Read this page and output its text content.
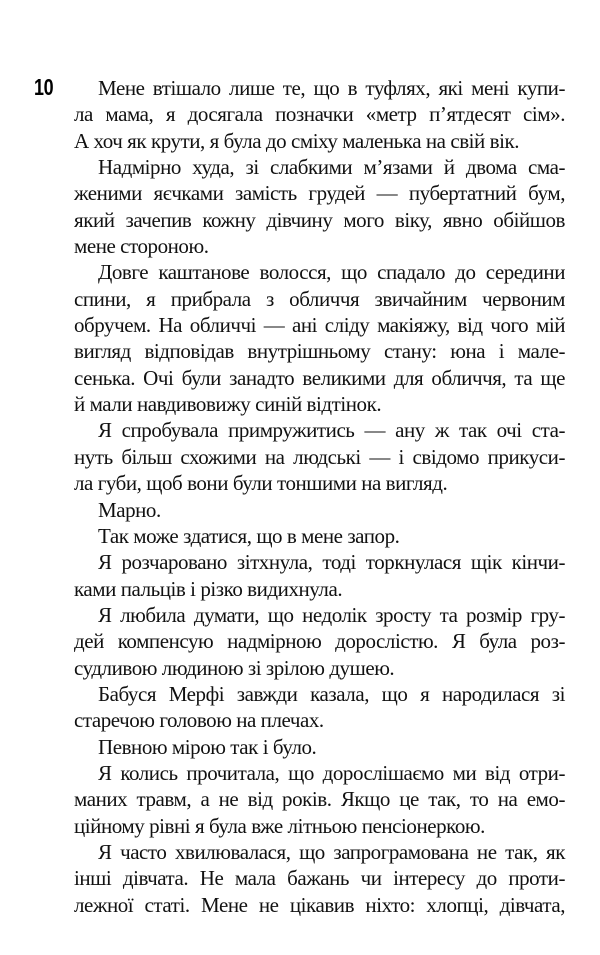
10	Мене втішало лише те, що в туфлях, які мені купи-
ла мама, я досягала позначки «метр п’ятдесят сім».
А хоч як крути, я була до сміху маленька на свій вік.
Надмірно худа, зі слабкими м’язами й двома сма-
женими яєчками замість грудей — пубертатний бум,
який зачепив кожну дівчину мого віку, явно обійшов
мене стороною.
Довге каштанове волосся, що спадало до середини
спини, я прибрала з обличчя звичайним червоним
обручем. На обличчі — ані сліду макіяжу, від чого мій
вигляд відповідав внутрішньому стану: юна і мале-
сенька. Очі були занадто великими для обличчя, та ще
й мали навдивовижу синій відтінок.
Я спробувала примружитись — ану ж так очі ста-
нуть більш схожими на людські — і свідомо прикуси-
ла губи, щоб вони були тоншими на вигляд.
Марно.
Так може здатися, що в мене запор.
Я розчаровано зітхнула, тоді торкнулася щік кінчи-
ками пальців і різко видихнула.
Я любила думати, що недолік зросту та розмір гру-
дей компенсую надмірною дорослістю. Я була роз-
судливою людиною зі зрілою душею.
Бабуся Мерфі завжди казала, що я народилася зі
старечою головою на плечах.
Певною мірою так і було.
Я колись прочитала, що дорослішаємо ми від отри-
маних травм, а не від років. Якщо це так, то на емо-
ційному рівні я була вже літньою пенсіонеркою.
Я часто хвилювалася, що запрограмована не так, як
інші дівчата. Не мала бажань чи інтересу до проти-
лежної статі. Мене не цікавив ніхто: хлопці, дівчата,
